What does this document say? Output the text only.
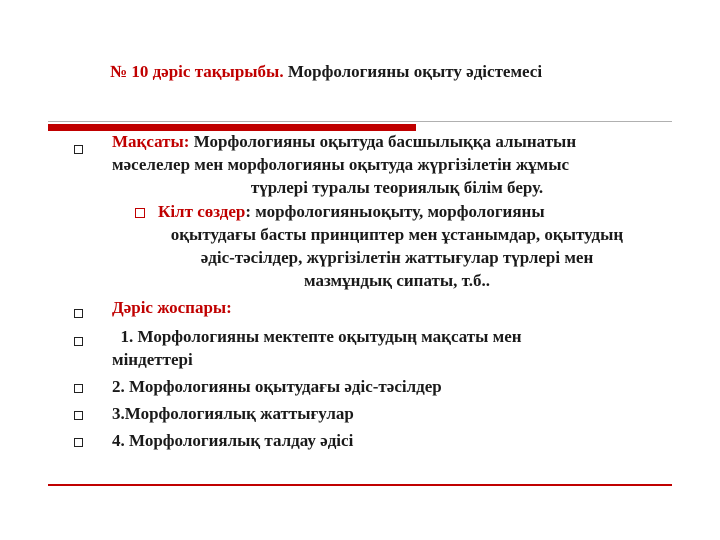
№ 10 дәріс тақырыбы. Морфологияны оқыту әдістемесі
Мақсаты: Морфологияны оқытуда басшылыққа алынатын
мәселелер мен морфологияны оқытуда жүргізілетін жұмыс
түрлері туралы теориялық білім беру.
Кілт сөздер: морфологияныоқыту, морфологияны
оқытудағы басты принциптер мен ұстанымдар, оқытудың
әдіс-тәсілдер, жүргізілетін жаттығулар түрлері мен
мазмұндық сипаты, т.б..
Дәріс жоспары:
1. Морфологияны мектепте оқытудың мақсаты мен
міндеттері
2. Морфологияны оқытудағы әдіс-тәсілдер
3.Морфологиялық жаттығулар
4. Морфологиялық талдау әдісі
